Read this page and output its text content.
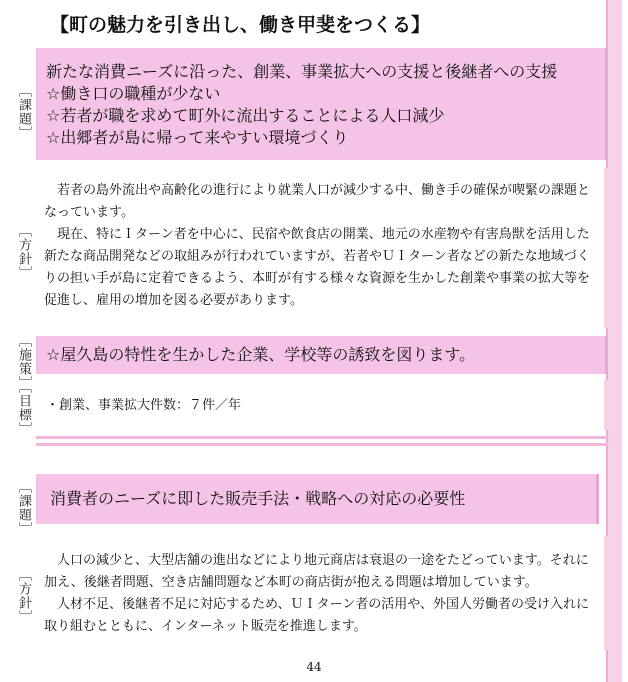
【町の魅力を引き出し、働き甲斐をつくる】
［課題］
新たな消費ニーズに沿った、創業、事業拡大への支援と後継者への支援
☆働き口の職種が少ない
☆若者が職を求めて町外に流出することによる人口減少
☆出郷者が島に帰って来やすい環境づくり
［方針］
　若者の島外流出や高齢化の進行により就業人口が減少する中、働き手の確保が喫緊の課題となっています。
　現在、特にＩターン者を中心に、民宿や飲食店の開業、地元の水産物や有害鳥獣を活用した新たな商品開発などの取組みが行われていますが、若者やＵＩターン者などの新たな地域づくりの担い手が島に定着できるよう、本町が有する様々な資源を生かした創業や事業の拡大等を促進し、雇用の増加を図る必要があります。
［施策］ ☆屋久島の特性を生かした企業、学校等の誘致を図ります。
［目標］ ・創業、事業拡大件数：７件／年
［課題］ 消費者のニーズに即した販売手法・戦略への対応の必要性
［方針］
　人口の減少と、大型店舗の進出などにより地元商店は衰退の一途をたどっています。それに加え、後継者問題、空き店舗問題など本町の商店街が抱える問題は増加しています。
　人材不足、後継者不足に対応するため、ＵＩターン者の活用や、外国人労働者の受け入れに取り組むとともに、インターネット販売を推進します。
44
